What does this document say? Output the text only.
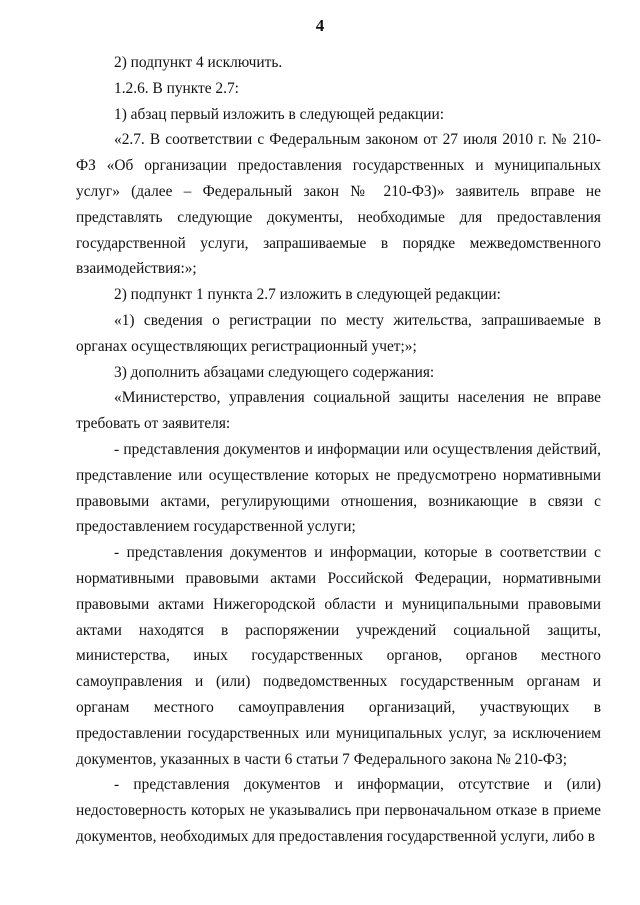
4

2) подпункт 4 исключить.

1.2.6. В пункте 2.7:

1) абзац первый изложить в следующей редакции:

«2.7. В соответствии с Федеральным законом от 27 июля 2010 г. № 210-ФЗ «Об организации предоставления государственных и муниципальных услуг» (далее – Федеральный закон № 210-ФЗ)» заявитель вправе не представлять следующие документы, необходимые для предоставления государственной услуги, запрашиваемые в порядке межведомственного взаимодействия:»;

2) подпункт 1 пункта 2.7 изложить в следующей редакции:

«1) сведения о регистрации по месту жительства, запрашиваемые в органах осуществляющих регистрационный учет;»;

3) дополнить абзацами следующего содержания:

«Министерство, управления социальной защиты населения не вправе требовать от заявителя:

- представления документов и информации или осуществления действий, представление или осуществление которых не предусмотрено нормативными правовыми актами, регулирующими отношения, возникающие в связи с предоставлением государственной услуги;

- представления документов и информации, которые в соответствии с нормативными правовыми актами Российской Федерации, нормативными правовыми актами Нижегородской области и муниципальными правовыми актами находятся в распоряжении учреждений социальной защиты, министерства, иных государственных органов, органов местного самоуправления и (или) подведомственных государственным органам и органам местного самоуправления организаций, участвующих в предоставлении государственных или муниципальных услуг, за исключением документов, указанных в части 6 статьи 7 Федерального закона № 210-ФЗ;

- представления документов и информации, отсутствие и (или) недостоверность которых не указывались при первоначальном отказе в приеме документов, необходимых для предоставления государственной услуги, либо в
